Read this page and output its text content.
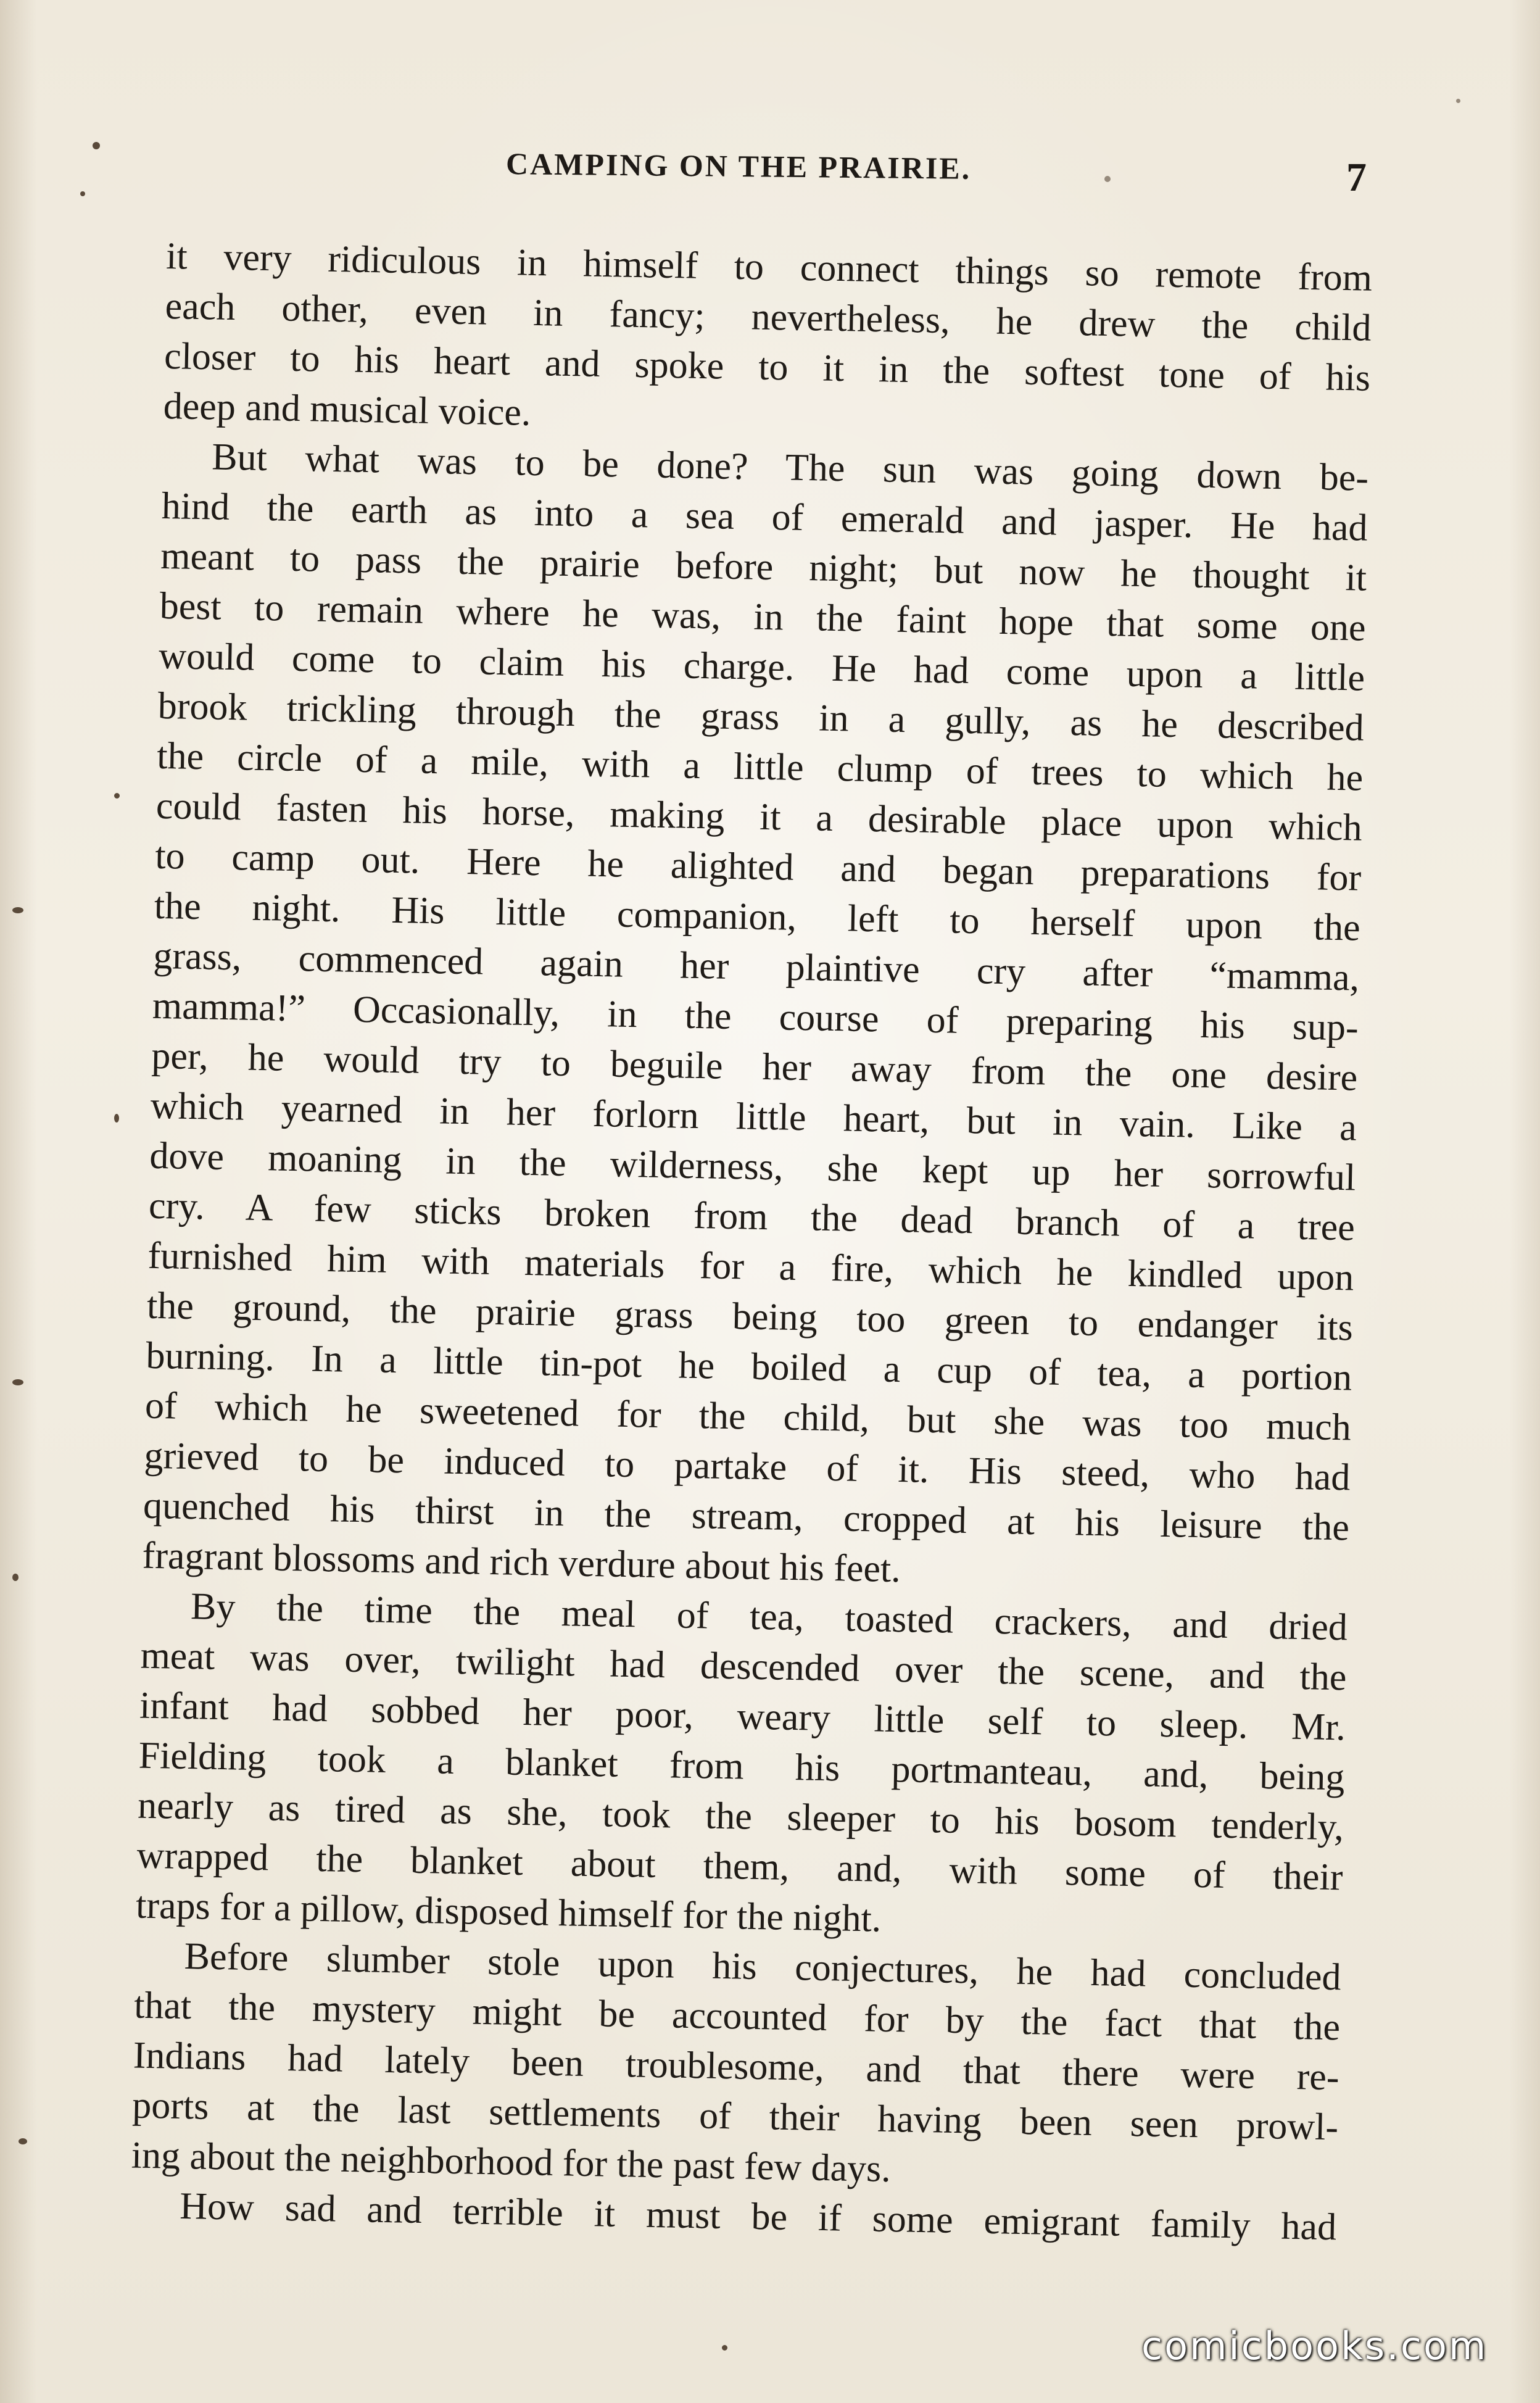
CAMPING ON THE PRAIRIE.	7
it very ridiculous in himself to connect things so remote from
each other, even in fancy; nevertheless, he drew the child
closer to his heart and spoke to it in the softest tone of his
deep and musical voice.
But what was to be done? The sun was going down be-
hind the earth as into a sea of emerald and jasper. He had
meant to pass the prairie before night; but now he thought it
best to remain where he was, in the faint hope that some one
would come to claim his charge. He had come upon a little
brook trickling through the grass in a gully, as he described
the circle of a mile, with a little clump of trees to which he
could fasten his horse, making it a desirable place upon which
to camp out. Here he alighted and began preparations for
the night. His little companion, left to herself upon the
grass, commenced again her plaintive cry after “mamma,
mamma!” Occasionally, in the course of preparing his sup-
per, he would try to beguile her away from the one desire
which yearned in her forlorn little heart, but in vain. Like a
dove moaning in the wilderness, she kept up her sorrowful
cry. A few sticks broken from the dead branch of a tree
furnished him with materials for a fire, which he kindled upon
the ground, the prairie grass being too green to endanger its
burning. In a little tin-pot he boiled a cup of tea, a portion
of which he sweetened for the child, but she was too much
grieved to be induced to partake of it. His steed, who had
quenched his thirst in the stream, cropped at his leisure the
fragrant blossoms and rich verdure about his feet.
By the time the meal of tea, toasted crackers, and dried
meat was over, twilight had descended over the scene, and the
infant had sobbed her poor, weary little self to sleep. Mr.
Fielding took a blanket from his portmanteau, and, being
nearly as tired as she, took the sleeper to his bosom tenderly,
wrapped the blanket about them, and, with some of their
traps for a pillow, disposed himself for the night.
Before slumber stole upon his conjectures, he had concluded
that the mystery might be accounted for by the fact that the
Indians had lately been troublesome, and that there were re-
ports at the last settlements of their having been seen prowl-
ing about the neighborhood for the past few days.
How sad and terrible it must be if some emigrant family had
comicbooks.com
